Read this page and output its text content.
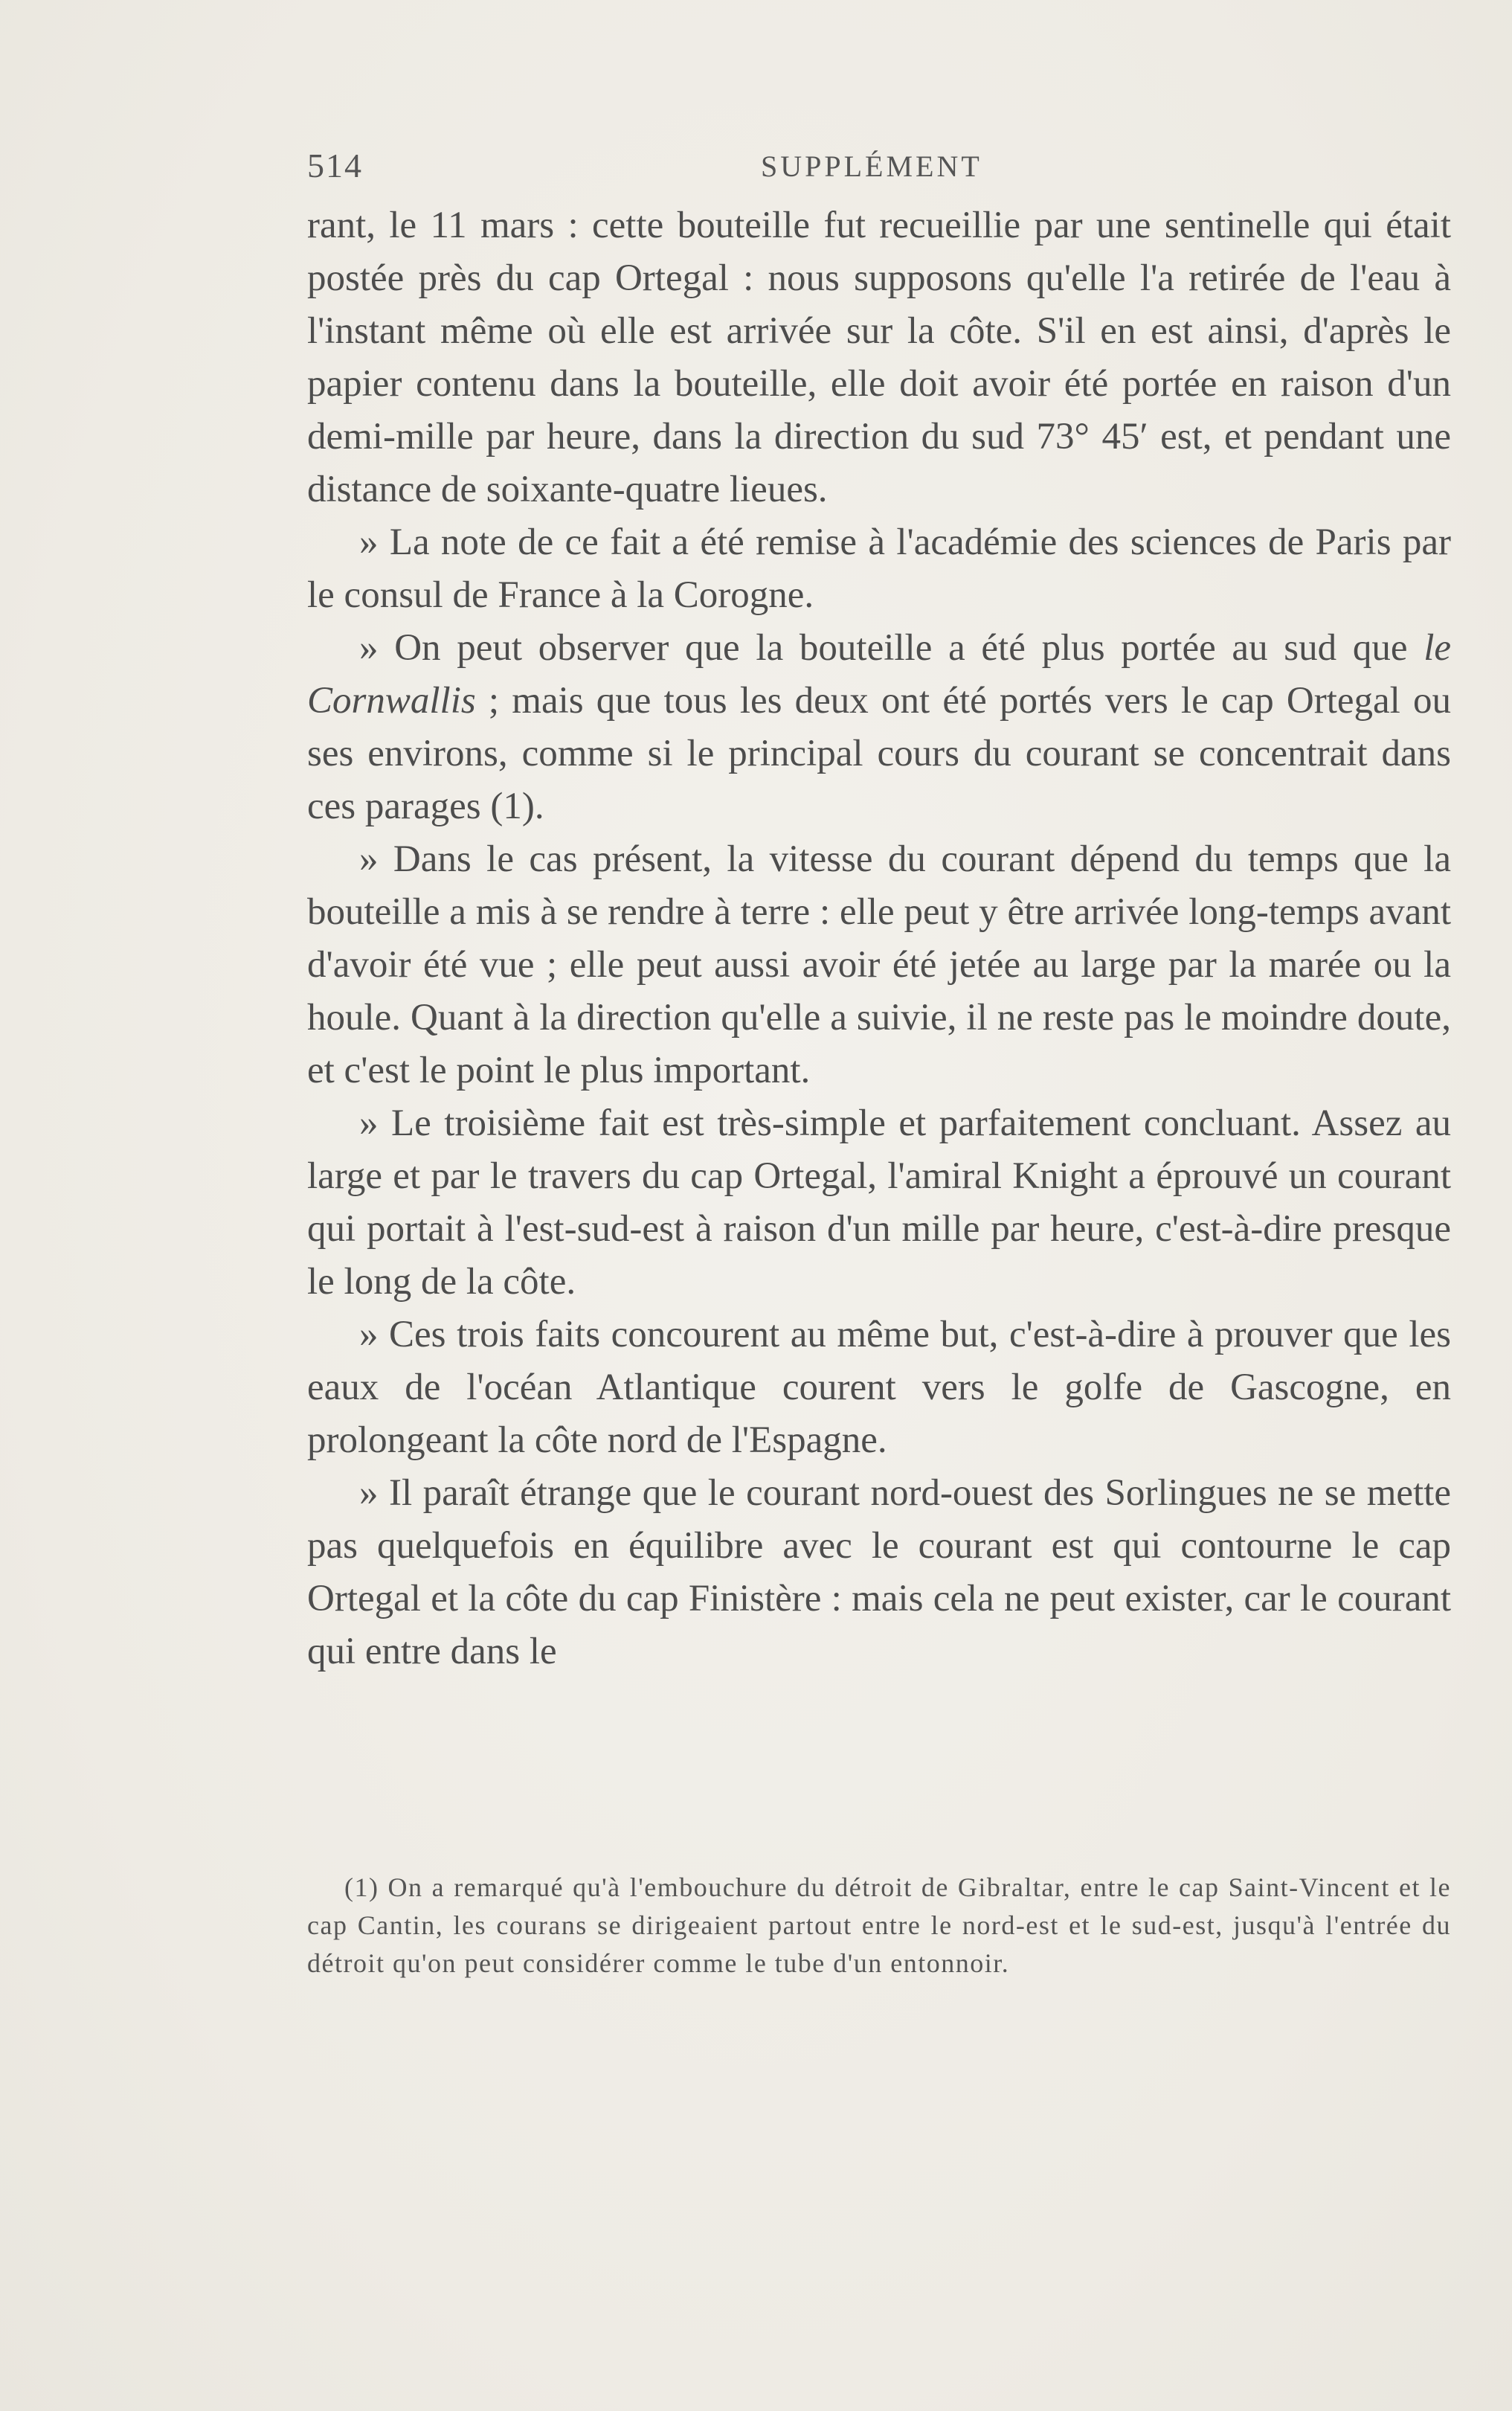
514	SUPPLÉMENT

rant, le 11 mars : cette bouteille fut recueillie par une sentinelle qui était postée près du cap Ortegal : nous supposons qu'elle l'a retirée de l'eau à l'instant même où elle est arrivée sur la côte. S'il en est ainsi, d'après le papier contenu dans la bouteille, elle doit avoir été portée en raison d'un demi-mille par heure, dans la direction du sud 73° 45′ est, et pendant une distance de soixante-quatre lieues.

» La note de ce fait a été remise à l'académie des sciences de Paris par le consul de France à la Corogne.

» On peut observer que la bouteille a été plus portée au sud que le Cornwallis ; mais que tous les deux ont été portés vers le cap Ortegal ou ses environs, comme si le principal cours du courant se concentrait dans ces parages (1).

» Dans le cas présent, la vitesse du courant dépend du temps que la bouteille a mis à se rendre à terre : elle peut y être arrivée long-temps avant d'avoir été vue ; elle peut aussi avoir été jetée au large par la marée ou la houle. Quant à la direction qu'elle a suivie, il ne reste pas le moindre doute, et c'est le point le plus important.

» Le troisième fait est très-simple et parfaitement concluant. Assez au large et par le travers du cap Ortegal, l'amiral Knight a éprouvé un courant qui portait à l'est-sud-est à raison d'un mille par heure, c'est-à-dire presque le long de la côte.

» Ces trois faits concourent au même but, c'est-à-dire à prouver que les eaux de l'océan Atlantique courent vers le golfe de Gascogne, en prolongeant la côte nord de l'Espagne.

» Il paraît étrange que le courant nord-ouest des Sorlingues ne se mette pas quelquefois en équilibre avec le courant est qui contourne le cap Ortegal et la côte du cap Finistère : mais cela ne peut exister, car le courant qui entre dans le

(1) On a remarqué qu'à l'embouchure du détroit de Gibraltar, entre le cap Saint-Vincent et le cap Cantin, les courans se dirigeaient partout entre le nord-est et le sud-est, jusqu'à l'entrée du détroit qu'on peut considérer comme le tube d'un entonnoir.
